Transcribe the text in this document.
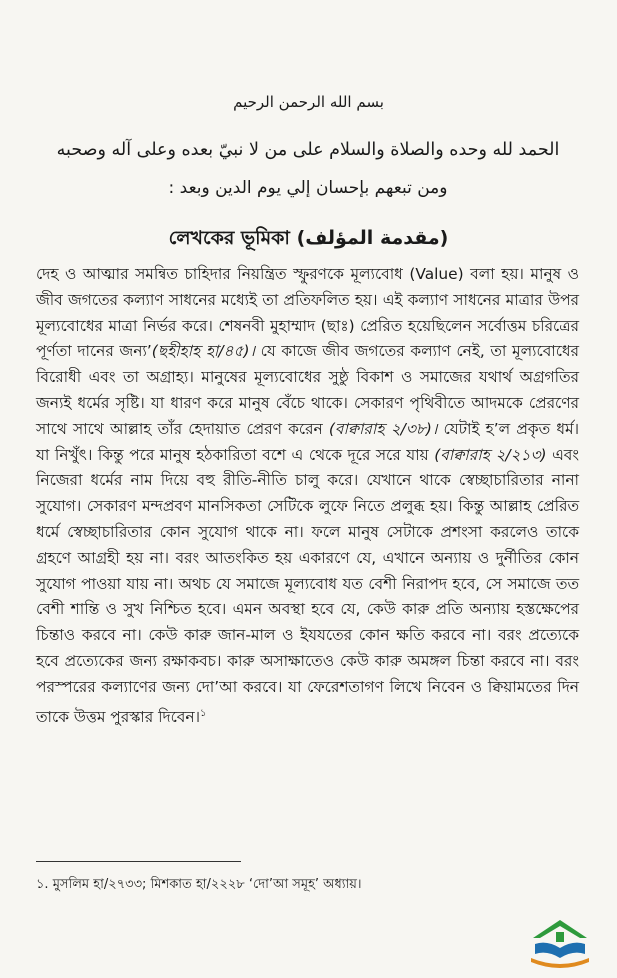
بسم الله الرحمن الرحيم
الحمد لله وحده والصلاة والسلام على من لا نبيّ بعده وعلى آله وصحبه
ومن تبعهم بإحسان إلي يوم الدين وبعد :
লেখকের ভূমিকা (مقدمة المؤلف)

দেহ ও আত্মার সমন্বিত চাহিদার নিয়ন্ত্রিত স্ফুরণকে মূল্যবোধ (Value) বলা হয়। মানুষ ও জীব জগতের কল্যাণ সাধনের মধ্যেই তা প্রতিফলিত হয়। এই কল্যাণ সাধনের মাত্রার উপর মূল্যবোধের মাত্রা নির্ভর করে। শেষনবী মুহাম্মাদ (ছাঃ) প্রেরিত হয়েছিলেন সর্বোত্তম চরিত্রের পূর্ণতা দানের জন্য’(ছহীহাহ হা/৪৫)। যে কাজে জীব জগতের কল্যাণ নেই, তা মূল্যবোধের বিরোধী এবং তা অগ্রাহ্য। মানুষের মূল্যবোধের সুষ্ঠু বিকাশ ও সমাজের যথার্থ অগ্রগতির জন্যই ধর্মের সৃষ্টি। যা ধারণ করে মানুষ বেঁচে থাকে। সেকারণ পৃথিবীতে আদমকে প্রেরণের সাথে সাথে আল্লাহ তাঁর হেদায়াত প্রেরণ করেন (বাক্বারাহ ২/৩৮)। যেটাই হ’ল প্রকৃত ধর্ম। যা নিখুঁৎ। কিন্তু পরে মানুষ হঠকারিতা বশে এ থেকে দূরে সরে যায় (বাক্বারাহ ২/২১৩) এবং নিজেরা ধর্মের নাম দিয়ে বহু রীতি-নীতি চালু করে। যেখানে থাকে স্বেচ্ছাচারিতার নানা সুযোগ। সেকারণ মন্দপ্রবণ মানসিকতা সেটিকে লুফে নিতে প্রলুব্ধ হয়। কিন্তু আল্লাহ প্রেরিত ধর্মে স্বেচ্ছাচারিতার কোন সুযোগ থাকে না। ফলে মানুষ সেটাকে প্রশংসা করলেও তাকে গ্রহণে আগ্রহী হয় না। বরং আতংকিত হয় একারণে যে, এখানে অন্যায় ও দুর্নীতির কোন সুযোগ পাওয়া যায় না। অথচ যে সমাজে মূল্যবোধ যত বেশী নিরাপদ হবে, সে সমাজে তত বেশী শান্তি ও সুখ নিশ্চিত হবে। এমন অবস্থা হবে যে, কেউ কারু প্রতি অন্যায় হস্তক্ষেপের চিন্তাও করবে না। কেউ কারু জান-মাল ও ইযযতের কোন ক্ষতি করবে না। বরং প্রত্যেকে হবে প্রত্যেকের জন্য রক্ষাকবচ। কারু অসাক্ষাতেও কেউ কারু অমঙ্গল চিন্তা করবে না। বরং পরস্পরের কল্যাণের জন্য দো’আ করবে। যা ফেরেশতাগণ লিখে নিবেন ও ক্বিয়ামতের দিন তাকে উত্তম পুরস্কার দিবেন।$^১$

১. মুসলিম হা/২৭৩৩; মিশকাত হা/২২২৮ ‘দো’আ সমূহ’ অধ্যায়।
